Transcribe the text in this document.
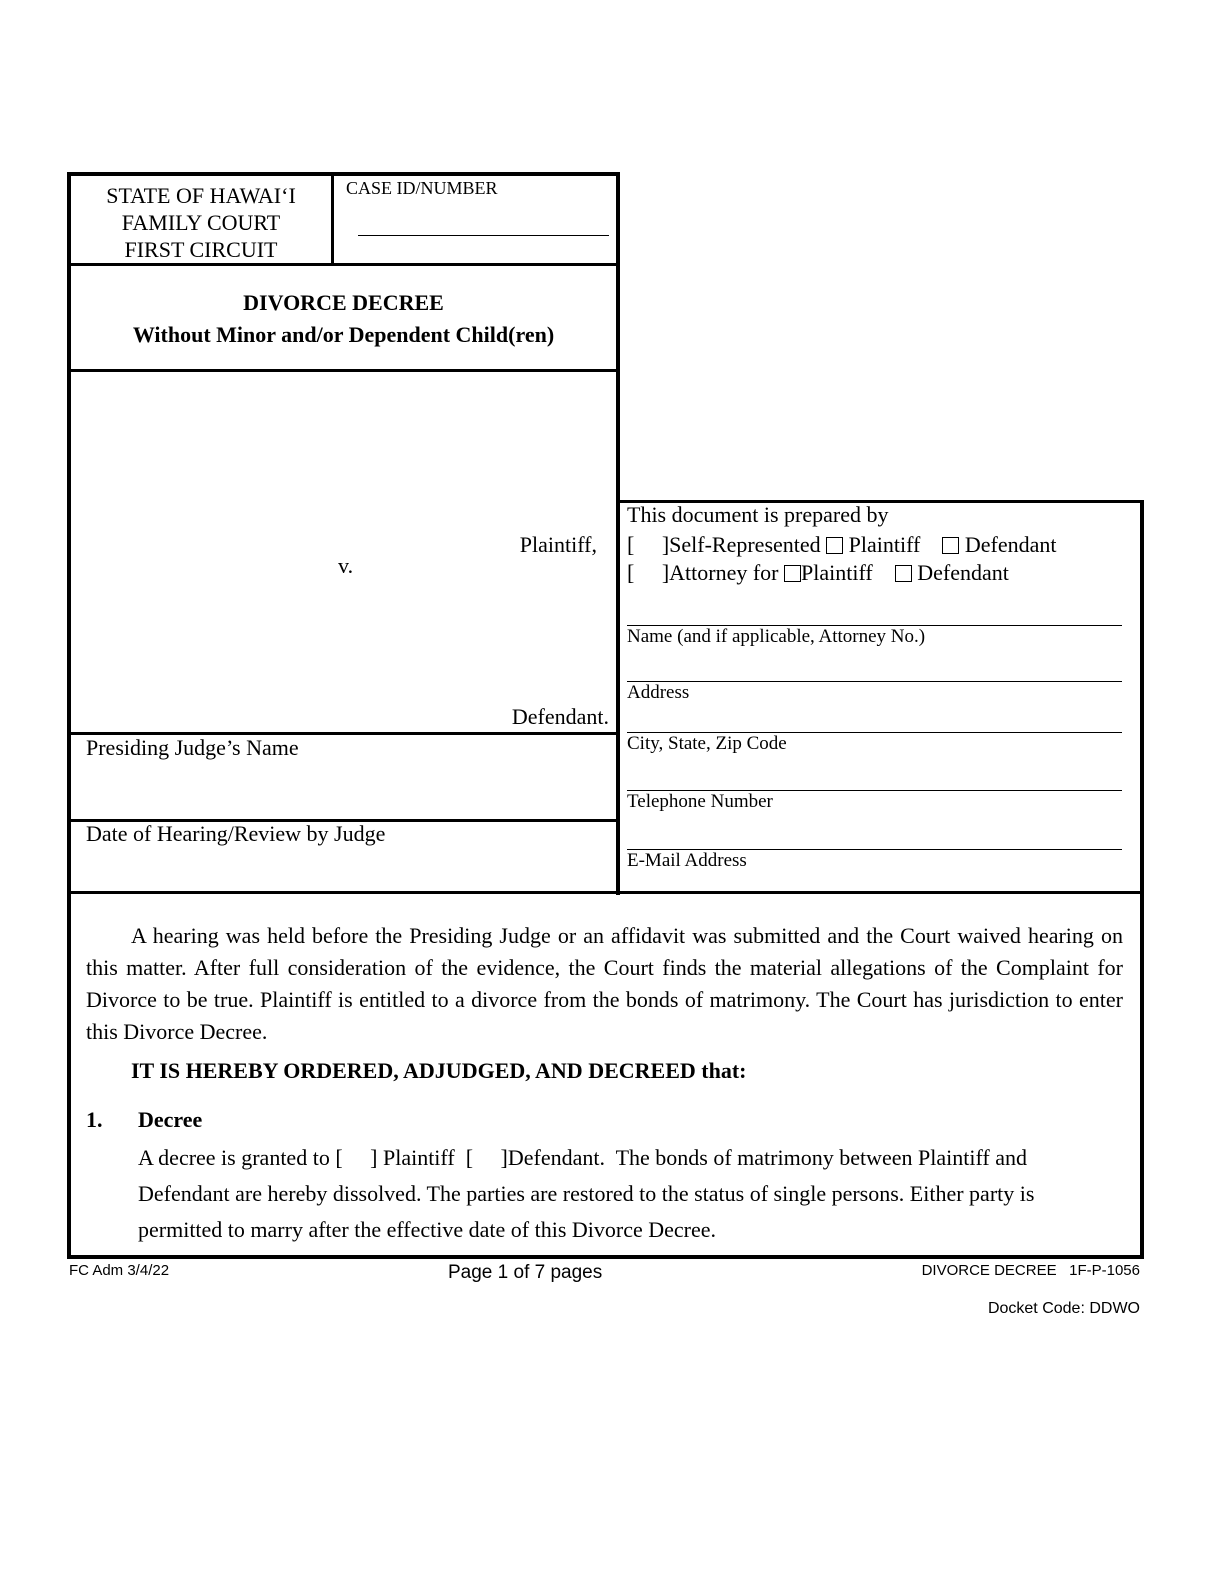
STATE OF HAWAI‘I
FAMILY COURT
FIRST CIRCUIT
CASE ID/NUMBER
DIVORCE DECREE
Without Minor and/or Dependent Child(ren)
Plaintiff,
v.
Defendant.
Presiding Judge’s Name
Date of Hearing/Review by Judge
This document is prepared by
[     ]Self-Represented Plaintiff Defendant
[     ]Attorney for Plaintiff Defendant
Name (and if applicable, Attorney No.)
Address
City, State, Zip Code
Telephone Number
E-Mail Address
A hearing was held before the Presiding Judge or an affidavit was submitted and the Court waived hearing on this matter. After full consideration of the evidence, the Court finds the material allegations of the Complaint for Divorce to be true. Plaintiff is entitled to a divorce from the bonds of matrimony. The Court has jurisdiction to enter this Divorce Decree.
IT IS HEREBY ORDERED, ADJUDGED, AND DECREED that:
1. Decree
A decree is granted to [     ] Plaintiff  [     ]Defendant. The bonds of matrimony between Plaintiff and
Defendant are hereby dissolved. The parties are restored to the status of single persons. Either party is
permitted to marry after the effective date of this Divorce Decree.
FC Adm 3/4/22	Page 1 of 7 pages	DIVORCE DECREE 1F-P-1056
Docket Code: DDWO
